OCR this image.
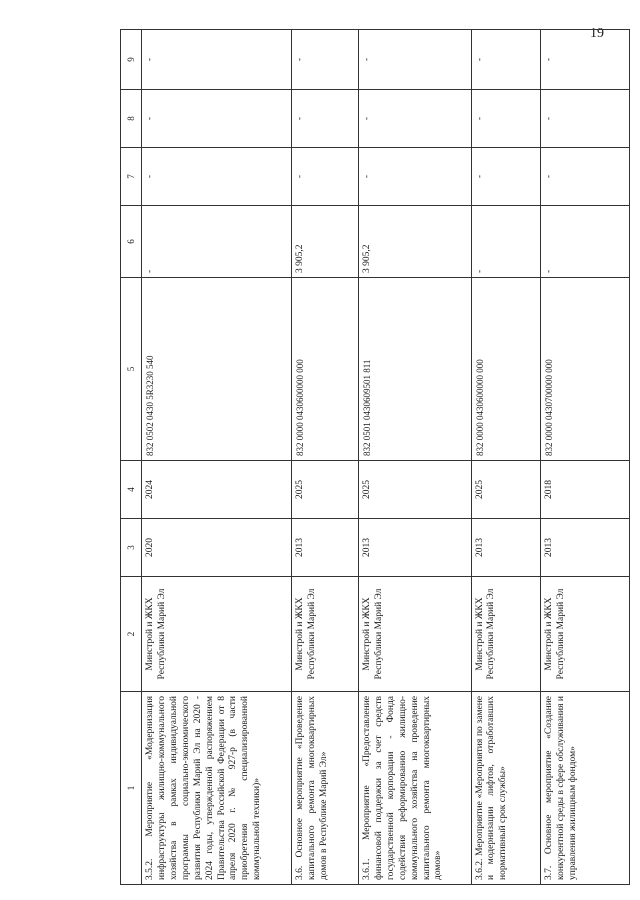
19
1	2	3	4	5	6	7	8	9
3.5.2. Мероприятие «Модернизация инфраструктуры жилищно-коммунального хозяйства в рамках индивидуальной программы социально-экономического развития Республики Марий Эл на 2020 - 2024 годы, утвержденной распоряжением Правительства Российской Федерации от 8 апреля 2020 г. № 927-р (в части приобретения специализированной коммунальной техники)»	Минстрой и ЖКХ Республики Марий Эл	2020	2024	832 0502 0430 5R3230 540	-	-	-	-
3.6. Основное мероприятие «Проведение капитального ремонта многоквартирных домов в Республике Марий Эл»	Минстрой и ЖКХ Республики Марий Эл	2013	2025	832 0000 0430600000 000	3 905,2	-	-	-
3.6.1. Мероприятие «Предоставление финансовой поддержки за счет средств государственной корпорации - Фонда содействия реформированию жилищно-коммунального хозяйства на проведение капитального ремонта многоквартирных домов»	Минстрой и ЖКХ Республики Марий Эл	2013	2025	832 0501 0430609501 811	3 905,2	-	-	-
3.6.2. Мероприятие «Мероприятия по замене и модернизации лифтов, отработавших нормативный срок службы»	Минстрой и ЖКХ Республики Марий Эл	2013	2025	832 0000 0430600000 000	-	-	-	-
3.7. Основное мероприятие «Создание конкурентной среды в сфере обслуживания и управления жилищным фондом»	Минстрой и ЖКХ Республики Марий Эл	2013	2018	832 0000 0430700000 000	-	-	-	-
